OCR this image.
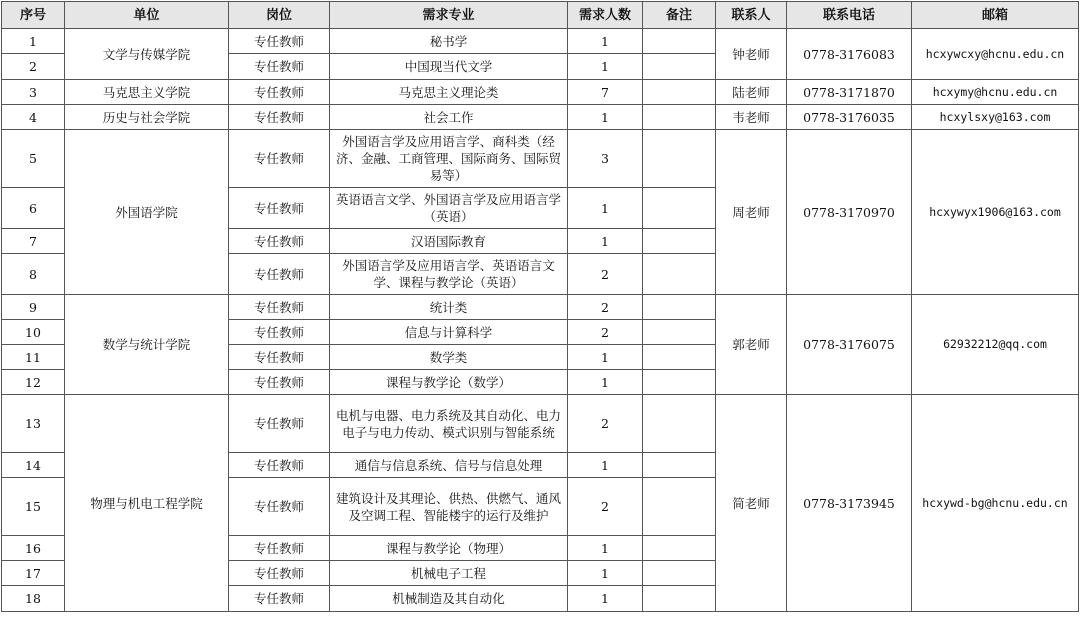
序号	单位	岗位	需求专业	需求人数	备注	联系人	联系电话	邮箱
1	文学与传媒学院	专任教师	秘书学	1		钟老师	0778-3176083	hcxywcxy@hcnu.edu.cn
2		专任教师	中国现当代文学	1				
3	马克思主义学院	专任教师	马克思主义理论类	7		陆老师	0778-3171870	hcxymy@hcnu.edu.cn
4	历史与社会学院	专任教师	社会工作	1		韦老师	0778-3176035	hcxylsxy@163.com
5	外国语学院	专任教师	外国语言学及应用语言学、商科类（经济、金融、工商管理、国际商务、国际贸易等）	3		周老师	0778-3170970	hcxywyx1906@163.com
6		专任教师	英语语言文学、外国语言学及应用语言学（英语）	1				
7		专任教师	汉语国际教育	1				
8		专任教师	外国语言学及应用语言学、英语语言文学、课程与教学论（英语）	2				
9	数学与统计学院	专任教师	统计类	2		郭老师	0778-3176075	62932212@qq.com
10		专任教师	信息与计算科学	2				
11		专任教师	数学类	1				
12		专任教师	课程与教学论（数学）	1				
13	物理与机电工程学院	专任教师	电机与电器、电力系统及其自动化、电力电子与电力传动、模式识别与智能系统	2		简老师	0778-3173945	hcxywd-bg@hcnu.edu.cn
14		专任教师	通信与信息系统、信号与信息处理	1				
15		专任教师	建筑设计及其理论、供热、供燃气、通风及空调工程、智能楼宇的运行及维护	2				
16		专任教师	课程与教学论（物理）	1				
17		专任教师	机械电子工程	1				
18		专任教师	机械制造及其自动化	1				
